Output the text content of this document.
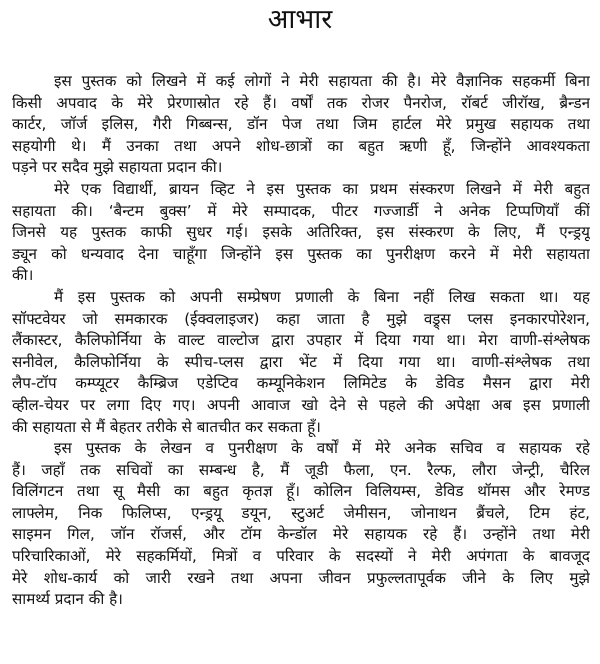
आभार
इस पुस्तक को लिखने में कई लोगों ने मेरी सहायता की है। मेरे वैज्ञानिक सहकर्मी बिना
किसी अपवाद के मेरे प्रेरणास्रोत रहे हैं। वर्षों तक रोजर पैनरोज, रॉबर्ट जीरॉख, ब्रैन्डन
कार्टर, जॉर्ज इलिस, गैरी गिब्बन्स, डॉन पेज तथा जिम हार्टल मेरे प्रमुख सहायक तथा
सहयोगी थे। मैं उनका तथा अपने शोध-छात्रों का बहुत ऋणी हूँ, जिन्होंने आवश्यकता
पड़ने पर सदैव मुझे सहायता प्रदान की।
मेरे एक विद्यार्थी, ब्रायन व्हिट ने इस पुस्तक का प्रथम संस्करण लिखने में मेरी बहुत
सहायता की। ‘बैन्टम बुक्स’ में मेरे सम्पादक, पीटर गज्जार्डी ने अनेक टिप्पणियाँ कीं
जिनसे यह पुस्तक काफी सुधर गई। इसके अतिरिक्त, इस संस्करण के लिए, मैं एन्ड्रयू
ड्यून को धन्यवाद देना चाहूँगा जिन्होंने इस पुस्तक का पुनरीक्षण करने में मेरी सहायता
की।
मैं इस पुस्तक को अपनी सम्प्रेषण प्रणाली के बिना नहीं लिख सकता था। यह
सॉफ्टवेयर जो समकारक (ईक्वलाइजर) कहा जाता है मुझे वड्र्स प्लस इनकारपोरेशन,
लैंकास्टर, कैलिफोर्निया के वाल्ट वाल्टोज द्वारा उपहार में दिया गया था। मेरा वाणी-संश्लेषक
सनीवेल, कैलिफोर्निया के स्पीच-प्लस द्वारा भेंट में दिया गया था। वाणी-संश्लेषक तथा
लैप-टॉप कम्प्यूटर कैम्ब्रिज एडेप्टिव कम्यूनिकेशन लिमिटेड के डेविड मैसन द्वारा मेरी
व्हील-चेयर पर लगा दिए गए। अपनी आवाज खो देने से पहले की अपेक्षा अब इस प्रणाली
की सहायता से मैं बेहतर तरीके से बातचीत कर सकता हूँ।
इस पुस्तक के लेखन व पुनरीक्षण के वर्षों में मेरे अनेक सचिव व सहायक रहे
हैं। जहाँ तक सचिवों का सम्बन्ध है, मैं जूडी फैला, एन. रैल्फ, लौरा जेन्ट्री, चैरिल
विलिंगटन तथा सू मैसी का बहुत कृतज्ञ हूँ। कोलिन विलियम्स, डेविड थॉमस और रेमण्ड
लाफ्लेम, निक फिलिप्स, एन्ड्रयू डयून, स्टुअर्ट जेमीसन, जोनाथन ब्रैंचले, टिम हंट,
साइमन गिल, जॉन रॉजर्स, और टॉम केन्डॉल मेरे सहायक रहे हैं। उन्होंने तथा मेरी
परिचारिकाओं, मेरे सहकर्मियों, मित्रों व परिवार के सदस्यों ने मेरी अपंगता के बावजूद
मेरे शोध-कार्य को जारी रखने तथा अपना जीवन प्रफुल्लतापूर्वक जीने के लिए मुझे
सामर्थ्य प्रदान की है।
